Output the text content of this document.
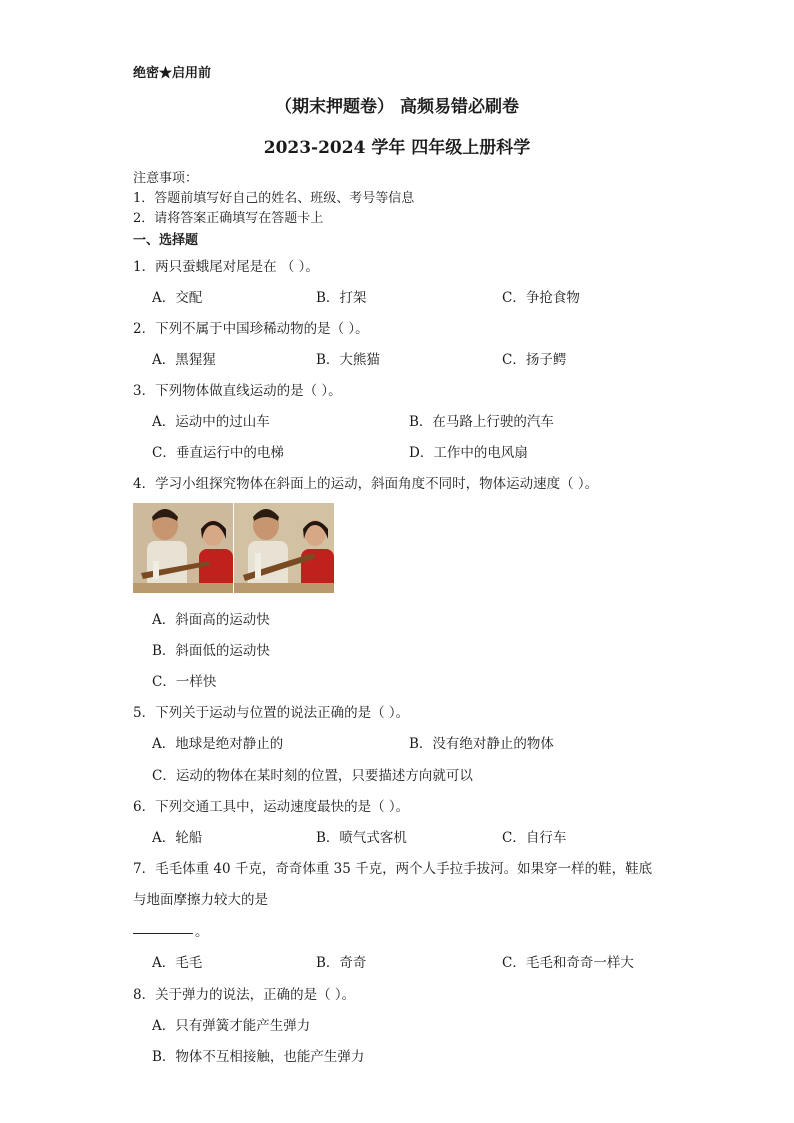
绝密★启用前
（期末押题卷） 高频易错必刷卷
2023-2024 学年 四年级上册科学
注意事项：
1．答题前填写好自己的姓名、班级、考号等信息
2．请将答案正确填写在答题卡上
一、选择题
1．两只蚕蛾尾对尾是在 （ ）。
A．交配	B．打架	C．争抢食物
2．下列不属于中国珍稀动物的是（ ）。
A．黑猩猩	B．大熊猫	C．扬子鳄
3．下列物体做直线运动的是（ ）。
A．运动中的过山车	B．在马路上行驶的汽车
C．垂直运行中的电梯	D．工作中的电风扇
4．学习小组探究物体在斜面上的运动，斜面角度不同时，物体运动速度（ ）。
A．斜面高的运动快
B．斜面低的运动快
C．一样快
5．下列关于运动与位置的说法正确的是（ ）。
A．地球是绝对静止的	B．没有绝对静止的物体
C．运动的物体在某时刻的位置，只要描述方向就可以
6．下列交通工具中，运动速度最快的是（ ）。
A．轮船	B．喷气式客机	C．自行车
7．毛毛体重 40 千克，奇奇体重 35 千克，两个人手拉手拔河。如果穿一样的鞋，鞋底
与地面摩擦力较大的是
。
A．毛毛	B．奇奇	C．毛毛和奇奇一样大
8．关于弹力的说法，正确的是（ ）。
A．只有弹簧才能产生弹力
B．物体不互相接触，也能产生弹力
